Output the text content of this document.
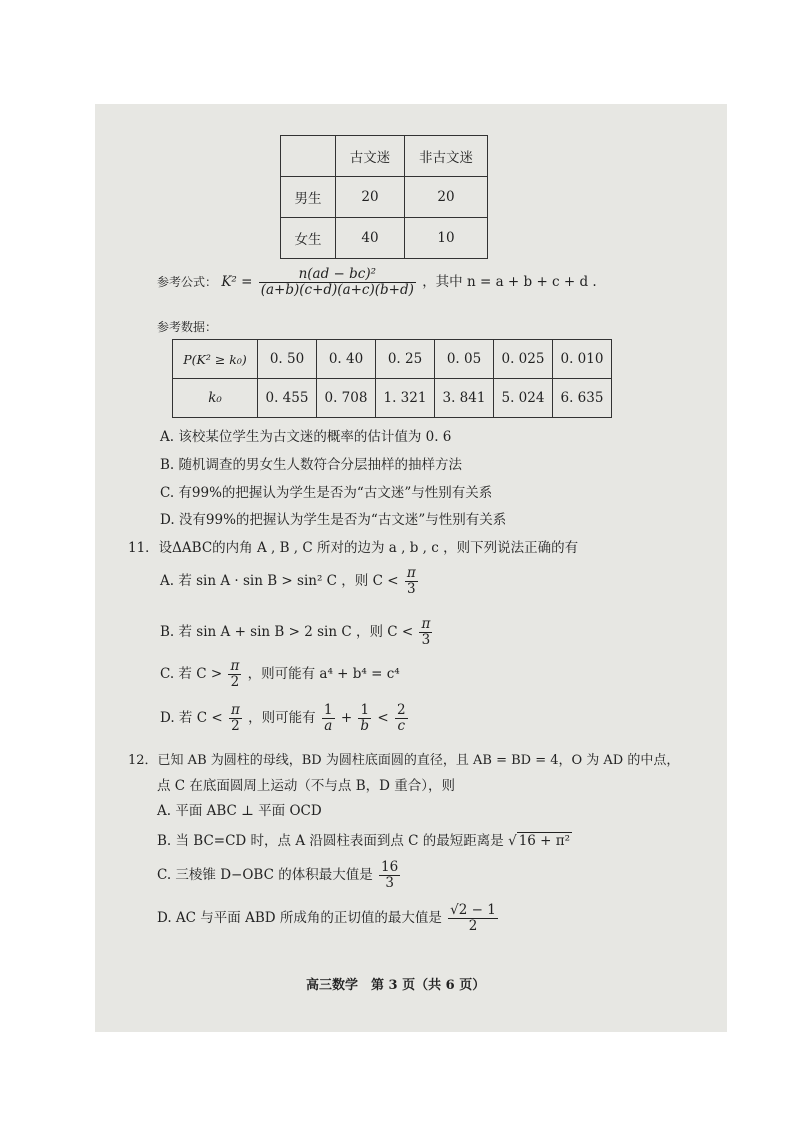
	古文迷	非古文迷
男生	20	20
女生	40	10
参考公式： $K^2 = \frac{\text{n(ad − bc)²}}{(a+b)(c+d)(a+c)(b+d)}$ ，其中 n = a + b + c + d .
参考数据：
P(K² ≥ k₀)	0. 50	0. 40	0. 25	0. 05	0. 025	0. 010
k₀	0. 455	0. 708	1. 321	3. 841	5. 024	6. 635
A. 该校某位学生为古文迷的概率的估计值为 0. 6
B. 随机调查的男女生人数符合分层抽样的抽样方法
C. 有99%的把握认为学生是否为“古文迷”与性别有关系
D. 没有99%的把握认为学生是否为“古文迷”与性别有关系
11．设ΔABC的内角 A , B , C 所对的边为 a , b , c ，则下列说法正确的有
A. 若 sin A · sin B > sin² C ，则 $C < \frac{\pi}{3}$
B. 若 sin A + sin B > 2 sin C ，则 $C < \frac{\pi}{3}$
C. 若 $C > \frac{\pi}{2}$ ，则可能有 a⁴ + b⁴ = c⁴
D. 若 $C < \frac{\pi}{2}$ ，则可能有 $\frac{1}{a} + \frac{1}{b} < \frac{2}{c}$
12．已知 AB 为圆柱的母线，BD 为圆柱底面圆的直径，且 AB = BD = 4，O 为 AD 的中点，
点 C 在底面圆周上运动（不与点 B，D 重合），则
A. 平面 ABC ⊥ 平面 OCD
B. 当 BC=CD 时，点 A 沿圆柱表面到点 C 的最短距离是 √ 16 + π²
C. 三棱锥 D−OBC 的体积最大值是 $\frac{16}{3}$
D. AC 与平面 ABD 所成角的正切值的最大值是 $\frac{√2 - 1}{2}$
高三数学　第 3 页（共 6 页）
